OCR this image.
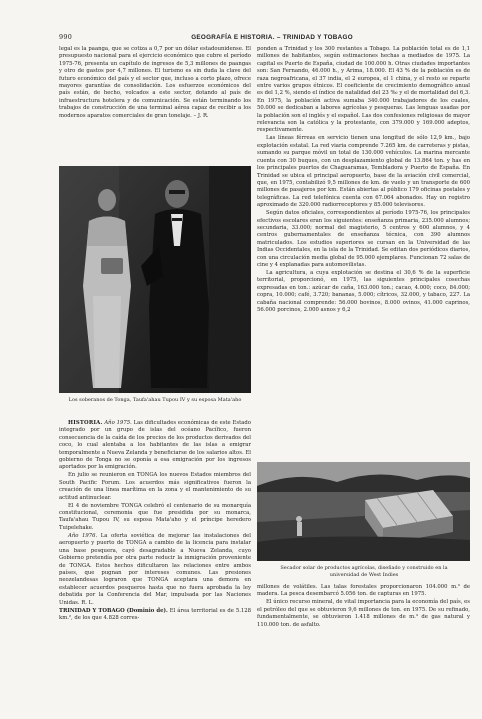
990	GEOGRAFÍA E HISTORIA. – TRINIDAD Y TOBAGO

legal es la paanga, que se cotiza a 0,7 por un dólar estadounidense. El presupuesto nacional para el ejercicio económico que cubre el período 1975-76, presenta un capítulo de ingresos de 5,3 millones de paangas y otro de gastos por 4,7 millones. El turismo es sin duda la clave del futuro económico del país y el sector que, incluso a corto plazo, ofrece mayores garantías de consolidación. Los esfuerzos económicos del país están, de hecho, volcados a este sector, dotando al país de infraestructura hotelera y de comunicación. Se están terminando los trabajos de construcción de una terminal aérea capaz de recibir a los modernos aparatos comerciales de gran tonelaje. – J. R.

Los soberanos de Tonga, Taufa'ahau Tupou IV y su esposa Mata'aho

HISTORIA. Año 1975. Las dificultades económicas de este Estado integrado por un grupo de islas del océano Pacífico, fueron consecuencia de la caída de los precios de los productos derivados del coco, lo cual alentaba a los habitantes de las islas a emigrar temporalmente a Nueva Zelanda y beneficiarse de los salarios altos. El gobierno de Tonga no se oponía a esa emigración por los ingresos aportados por la emigración.

En julio se reunieron en TONGA los nuevos Estados miembros del South Pacific Forum. Los acuerdos más significativos fueron la creación de una línea marítima en la zona y el mantenimiento de su actitud antinuclear.

El 4 de noviembre TONGA celebró el centenario de su monarquía constitucional, ceremonia que fue presidida por su monarca, Taufa'ahau Tupou IV, su esposa Mata'aho y el príncipe heredero Tuipelehake.

Año 1976. La oferta soviética de mejorar las instalaciones del aeropuerto y puerto de TONGA a cambio de la licencia para instalar una base pesquera, cayó desagradable a Nueva Zelanda, cuyo Gobierno pretendía por otra parte reducir la inmigración proveniente de TONGA. Estos hechos dificultaron las relaciones entre ambos países, que pugnan por intereses comunes. Las presiones neozelandesas lograron que TONGA aceptara una demora en establecer acuerdos pesqueros hasta que no fuera aprobada la ley debatida por la Conferencia del Mar, impulsada por las Naciones Unidas. R. L.

TRINIDAD Y TOBAGO (Dominio de). El área territorial es de 5.128 km.², de los que 4.828 corres-

ponden a Trinidad y los 300 restantes a Tobago. La población total es de 1,1 millones de habitantes, según estimaciones hechas a mediados de 1975. La capital es Puerto de España, ciudad de 100.000 h. Otras ciudades importantes son: San Fernando, 46.000 h., y Arima, 18.000. El 43 % de la población es de raza negroafricana, el 37 india, el 2 europea, el 1 china, y el resto se reparte entre varios grupos étnicos. El coeficiente de crecimiento demográfico anual es del 1,2 %, siendo el índice de natalidad del 23 ‰ y el de mortalidad del 6,3. En 1975, la población activa sumaba 340.000 trabajadores de los cuales, 50.000 se dedicaban a labores agrícolas y pesqueras. Las lenguas usadas por la población son el inglés y el español. Las dos confesiones religiosas de mayor relevancia son la católica y la protestante, con 379.000 y 169.000 adeptos, respectivamente.

Las líneas férreas en servicio tienen una longitud de sólo 12,9 km., bajo explotación estatal. La red viaria comprende 7.265 km. de carreteras y pistas, sumando su parque móvil un total de 130.000 vehículos. La marina mercante cuenta con 30 buques, con un desplazamiento global de 13.864 ton. y has en los principales puertos de Chaguaramas, Tembladora y Puerto de España. En Trinidad se ubica el principal aeropuerto, base de la aviación civil comercial, que, en 1975, contabilizó 9,5 millones de km. de vuelo y un transporte de 600 millones de pasajeros por km. Están abiertas al público 179 oficinas postales y telegráficas. La red telefónica cuenta con 67.064 abonados. Hay un registro aproximado de 320.000 radiorreceptores y 85.000 televisores.

Según datos oficiales, correspondientes al período 1975-76, los principales efectivos escolares eran los siguientes: enseñanza primaria, 235.000 alumnos; secundaria, 33.000; normal del magisterio, 5 centros y 600 alumnos, y 4 centros gubernamentales de enseñanza técnica, con 390 alumnos matriculados. Los estudios superiores se cursan en la Universidad de las Indias Occidentales, en la isla de la Trinidad. Se editan dos periódicos diarios, con una circulación media global de 95.000 ejemplares. Funcionan 72 salas de cine y 4 explanadas para automovilistas.

La agricultura, a cuya explotación se destina el 30,6 % de la superficie territorial, proporcionó, en 1975, las siguientes principales cosechas expresadas en ton.: azúcar de caña, 163.000 ton.; cacao, 4.000; coco, 84.000; copra, 10.000; café, 3.720; bananas, 5.000; cítricos, 32.000, y tabaco, 227. La cabaña nacional comprende: 56.000 bovinos, 8.000 ovinos, 41.000 caprinos, 56.000 porcinos, 2.000 asnos y 6,2

Secador solar de productos agrícolas, diseñado y construido en la universidad de West Indies

millones de volátiles. Las talas forestales proporcionaron 104.000 m.³ de madera. La pesca desembarcó 5.056 ton. de capturas en 1975.

El único recurso mineral, de vital importancia para la economía del país, es el petróleo del que se obtuvieron 9,6 millones de ton. en 1975. De su refinado, fundamentalmente, se obtuvieron 1.418 millones de m.³ de gas natural y 110.000 ton. de asfalto.
